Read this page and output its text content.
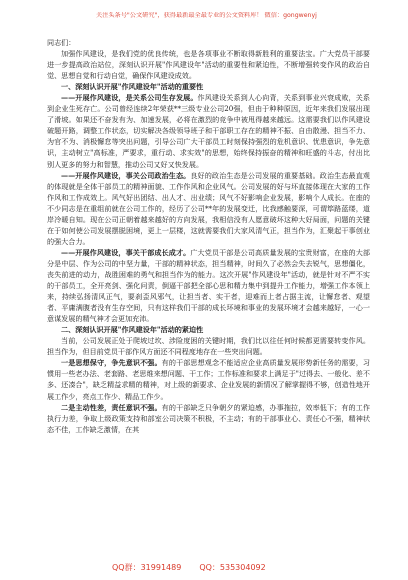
关注头条号"公文研究"，获得最新最全最专业的公文资料库！ 微信：gongwenyj

同志们：

加强作风建设，是我们党的优良传统，也是各项事业不断取得新胜利的重要法宝。广大党员干部要进一步提高政治站位，深刻认识开展"作风建设年"活动的重要性和紧迫性，不断增强转变作风的政治自觉、思想自觉和行动自觉，确保作风建设成效。

一、深刻认识开展"作风建设年"活动的重要性

——开展作风建设，是关系公司生存发展。作风建设关系到人心向背，关系到事业兴衰成败，关系到企业生死存亡。公司曾经连续2年荣获**三级专业公司20强，但由于种种原因，近年来我们发展出现了滑坡。如果还不奋发有为、加速发展，必将在激烈的竞争中被甩得越来越远。这需要我们以作风建设破题开路，调整工作状态，切实解决各级领导班子和干部职工存在的精神不振、自由散漫、担当不力、为官不为、消极懈怠等突出问题，引导公司广大干部员工时刻保持强烈的危机意识、忧患意识，争先意识，主动树立"高标准，严要求，重行动、求实效"的思想，始终保持振奋的精神和旺盛的斗志，付出比别人更多的努力和智慧，推动公司又好又快发展。

——开展作风建设，事关公司政治生态。良好的政治生态是公司发展的重要基础。政治生态最直观的体现就是全体干部员工的精神面貌、工作作风和企业风气。公司发展的好与坏直接体现在大家的工作作风和工作成效上。风气好出团结、出人才、出业绩；风气不好影响企业发展，影响个人成长。在座的不少同志是在重组前就在公司工作的，经历了公司**年的发展变迁，比我感触要深，可谓筚路蓝缕，道岸冷暖自知。现在公司正朝着越来越好的方向发展，我相信没有人愿意破坏这种大好局面，问题的关键在于如何使公司发展摆脱困境，更上一层楼，这就需要我们大家风清气正，担当作为，汇聚起干事创业的强大合力。

——开展作风建设，事关干部成长成才。广大党员干部是公司高质量发展的宝贵财富，在座的大部分是中层、作为公司的中坚力量，干部的精神状态，担当精神，时间久了必然会失去锐气，思想僵化，丧失前进的动力，战胜困难的勇气和担当作为的能力。这次开展"作风建设年"活动，就是针对不严不实的干部员工，全开亮剑、强化问责，倒逼干部把全部心思和精力集中到提升工作能力，增强工作本领上来，持续弘扬清风正气，要刹歪风邪气，让担当者、实干者，迎难而上者占据主流，让懈怠者、观望者、平庸满腹者没有生存空间，只有这样我们干部的成长环境和事业的发展环境才会越来越好，一心一意谋发展的精气神才会更加充沛。

二、深刻认识开展"作风建设年"活动的紧迫性

当前，公司发展正处于爬坡过坎、涉险度困的关键时期，我们比以往任何时候都更需要转变作风。担当作为，但目前党员干部作风方面还不同程度地存在一些突出问题。

一是思想保守，争先意识不强。有的干部思想观念不能适应企业高质量发展形势新任务的需要，习惯用一些老办法、老套路、老思维来想问题、干工作；工作标准和要求上满足于"过得去、一般化、差不多、还凑合"，缺乏精益求精的精神，对上级的新要求、企业发展的新情况了解掌握得不够，创造性地开展工作少，亮点工作少、精品工作少。

二是主动性差，责任意识不强。有的干部缺乏只争朝夕的紧迫感，办事拖拉，效率低下；有的工作执行力差，争取上级政策支持和部室公司决策不积极，不主动；有的干部事业心、责任心不强，精神状态不佳，工作缺乏激情，在其

QQ群：31991489 QQ：535304092
